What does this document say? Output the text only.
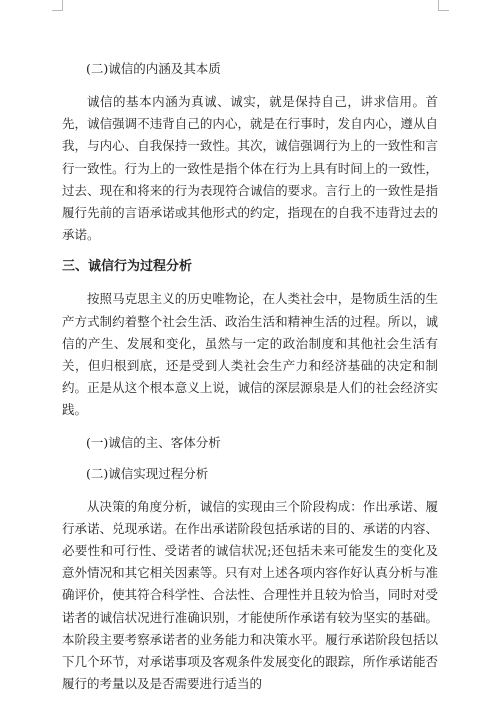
(二)诚信的内涵及其本质

诚信的基本内涵为真诚、诚实，就是保持自己，讲求信用。首先，诚信强调不违背自己的内心，就是在行事时，发自内心，遵从自我，与内心、自我保持一致性。其次，诚信强调行为上的一致性和言行一致性。行为上的一致性是指个体在行为上具有时间上的一致性，过去、现在和将来的行为表现符合诚信的要求。言行上的一致性是指履行先前的言语承诺或其他形式的约定，指现在的自我不违背过去的承诺。

三、诚信行为过程分析

按照马克思主义的历史唯物论，在人类社会中，是物质生活的生产方式制约着整个社会生活、政治生活和精神生活的过程。所以，诚信的产生、发展和变化，虽然与一定的政治制度和其他社会生活有关，但归根到底，还是受到人类社会生产力和经济基础的决定和制约。正是从这个根本意义上说，诚信的深层源泉是人们的社会经济实践。

(一)诚信的主、客体分析

(二)诚信实现过程分析

从决策的角度分析，诚信的实现由三个阶段构成：作出承诺、履行承诺、兑现承诺。在作出承诺阶段包括承诺的目的、承诺的内容、必要性和可行性、受诺者的诚信状况;还包括未来可能发生的变化及意外情况和其它相关因素等。只有对上述各项内容作好认真分析与准确评价，使其符合科学性、合法性、合理性并且较为恰当，同时对受诺者的诚信状况进行准确识别，才能使所作承诺有较为坚实的基础。本阶段主要考察承诺者的业务能力和决策水平。履行承诺阶段包括以下几个环节，对承诺事项及客观条件发展变化的跟踪，所作承诺能否履行的考量以及是否需要进行适当的
